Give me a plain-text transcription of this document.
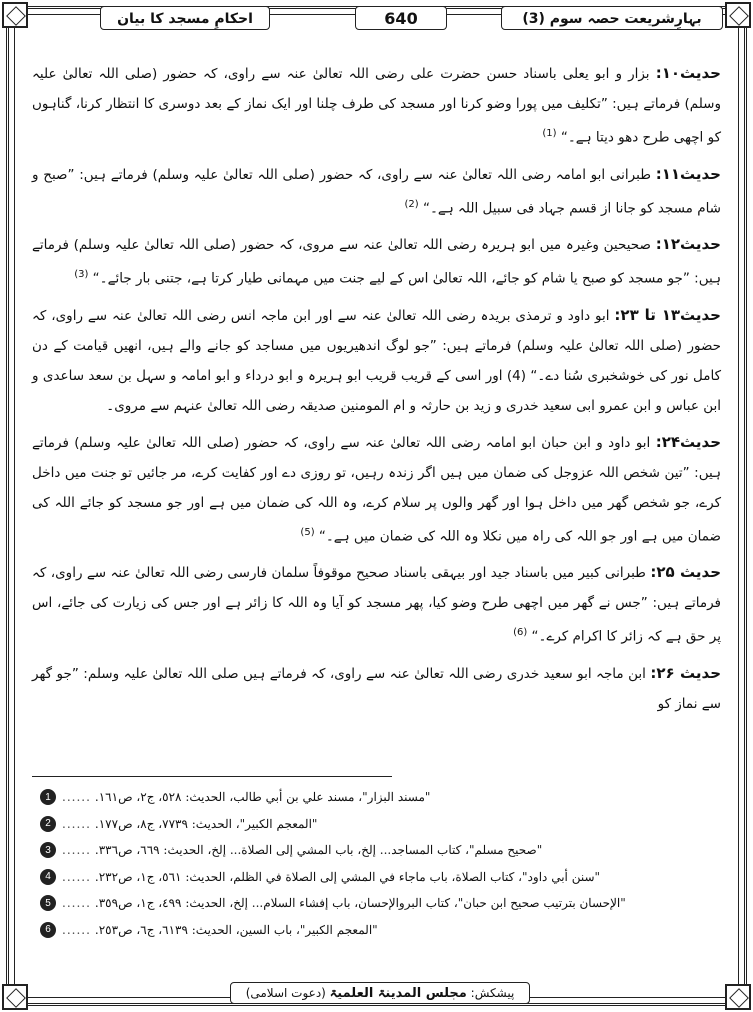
احکامِ مسجد کا بیان	640	بہارِشریعت حصہ سوم (3)

حدیث۱۰: بزار و ابو یعلی باسناد حسن حضرت علی رضی اللہ تعالیٰ عنہ سے راوی، کہ حضور (صلی اللہ تعالیٰ علیہ وسلم) فرماتے ہیں: ”تکلیف میں پورا وضو کرنا اور مسجد کی طرف چلنا اور ایک نماز کے بعد دوسری کا انتظار کرنا، گناہوں کو اچھی طرح دھو دیتا ہے۔“ $^{(1)}$

حدیث۱۱: طبرانی ابو امامہ رضی اللہ تعالیٰ عنہ سے راوی، کہ حضور (صلی اللہ تعالیٰ علیہ وسلم) فرماتے ہیں: ”صبح و شام مسجد کو جانا از قسم جہاد فی سبیل اللہ ہے۔“ $^{(2)}$

حدیث۱۲: صحیحین وغیرہ میں ابو ہریرہ رضی اللہ تعالیٰ عنہ سے مروی، کہ حضور (صلی اللہ تعالیٰ علیہ وسلم) فرماتے ہیں: ”جو مسجد کو صبح یا شام کو جائے، اللہ تعالیٰ اس کے لیے جنت میں مہمانی طیار کرتا ہے، جتنی بار جائے۔“ $^{(3)}$

حدیث۱۳ تا ۲۳: ابو داود و ترمذی بریدہ رضی اللہ تعالیٰ عنہ سے اور ابن ماجہ انس رضی اللہ تعالیٰ عنہ سے راوی، کہ حضور (صلی اللہ تعالیٰ علیہ وسلم) فرماتے ہیں: ”جو لوگ اندھیریوں میں مساجد کو جانے والے ہیں، انھیں قیامت کے دن کامل نور کی خوشخبری سُنا دے۔“ (4) اور اسی کے قریب قریب ابو ہریرہ و ابو درداء و ابو امامہ و سہل بن سعد ساعدی و ابن عباس و ابن عمرو ابی سعید خدری و زید بن حارثہ و ام المومنین صدیقہ رضی اللہ تعالیٰ عنہم سے مروی۔

حدیث۲۴: ابو داود و ابن حبان ابو امامہ رضی اللہ تعالیٰ عنہ سے راوی، کہ حضور (صلی اللہ تعالیٰ علیہ وسلم) فرماتے ہیں: ”تین شخص اللہ عزوجل کی ضمان میں ہیں اگر زندہ رہیں، تو روزی دے اور کفایت کرے، مر جائیں تو جنت میں داخل کرے، جو شخص گھر میں داخل ہوا اور گھر والوں پر سلام کرے، وہ اللہ کی ضمان میں ہے اور جو مسجد کو جائے اللہ کی ضمان میں ہے اور جو اللہ کی راہ میں نکلا وہ اللہ کی ضمان میں ہے۔“ $^{(5)}$

حدیث ۲۵: طبرانی کبیر میں باسناد جید اور بیہقی باسناد صحیح موقوفاً سلمان فارسی رضی اللہ تعالیٰ عنہ سے راوی، کہ فرماتے ہیں: ”جس نے گھر میں اچھی طرح وضو کیا، پھر مسجد کو آیا وہ اللہ کا زائر ہے اور جس کی زیارت کی جائے، اس پر حق ہے کہ زائر کا اکرام کرے۔“ $^{(6)}$

حدیث ۲۶: ابن ماجہ ابو سعید خدری رضی اللہ تعالیٰ عنہ سے راوی، کہ فرماتے ہیں صلی اللہ تعالیٰ علیہ وسلم: ”جو گھر سے نماز کو

1 ...... "مسند البزار"، مسند علي بن أبي طالب، الحديث: ٥٢٨، ج٢، ص١٦١.
2 ...... "المعجم الكبير"، الحديث: ٧٧٣٩، ج٨، ص١٧٧.
3 ...... "صحيح مسلم"، كتاب المساجد... إلخ، باب المشي إلى الصلاة... إلخ، الحديث: ٦٦٩، ص٣٣٦.
4 ...... "سنن أبي داود"، كتاب الصلاة، باب ماجاء في المشي إلى الصلاة في الظلم، الحديث: ٥٦١، ج١، ص٢٣٢.
5 ...... "الإحسان بترتيب صحيح ابن حبان"، كتاب البروالإحسان، باب إفشاء السلام... إلخ، الحديث: ٤٩٩، ج١، ص٣٥٩.
6 ...... "المعجم الكبير"، باب السين، الحديث: ٦١٣٩، ج٦، ص٢٥٣.
پیشکش: مجلس المدینۃ العلمیۃ (دعوت اسلامی)
